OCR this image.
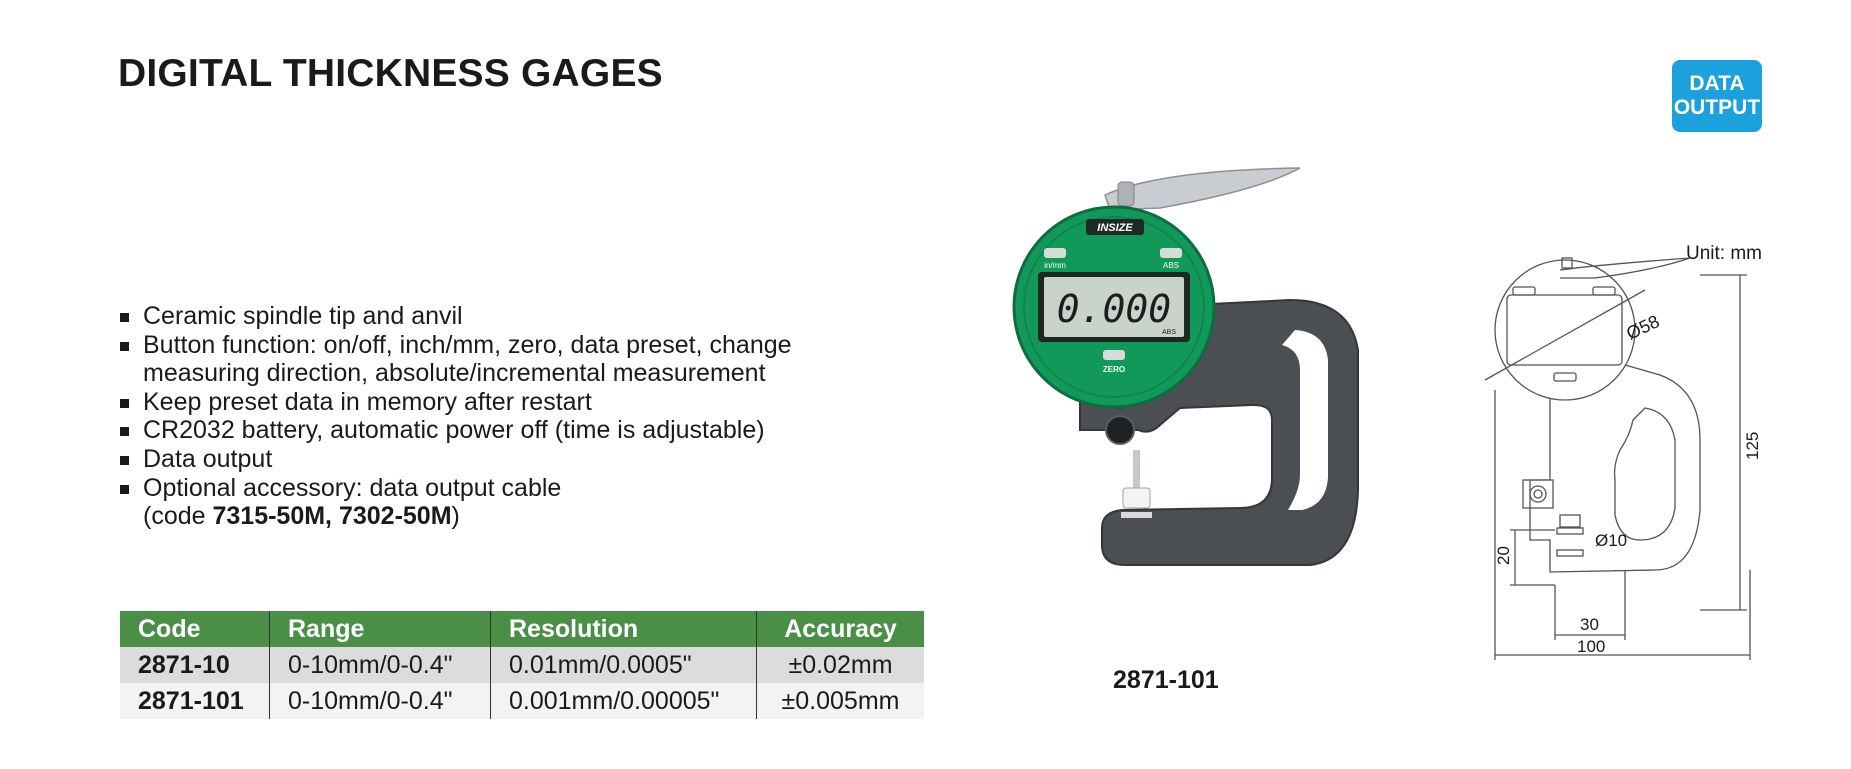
DIGITAL THICKNESS GAGES	DATA
OUTPUT
Ceramic spindle tip and anvil
Button function: on/off, inch/mm, zero, data preset, change
measuring direction, absolute/incremental measurement
Keep preset data in memory after restart
CR2032 battery, automatic power off (time is adjustable)
Data output
Optional accessory: data output cable
(code 7315-50M, 7302-50M)
Code	Range	Resolution	Accuracy
2871-10	0-10mm/0-0.4"	0.01mm/0.0005"	±0.02mm
2871-101	0-10mm/0-0.4"	0.001mm/0.00005"	±0.005mm
INSIZE
in/mm	ABS
0.000
ABS
ZERO
2871-101
Unit: mm
Ø58
Ø10
125
20
30
100
